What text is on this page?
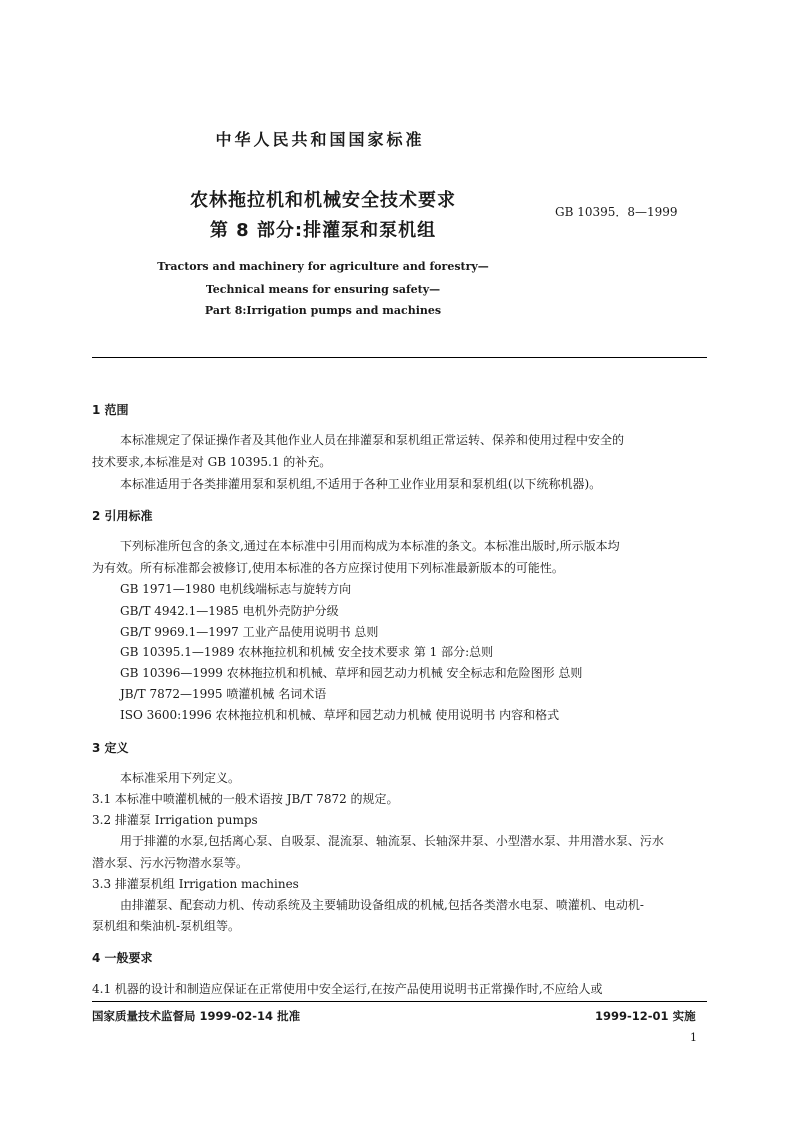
中华人民共和国国家标准
农林拖拉机和机械安全技术要求
第 8 部分:排灌泵和泵机组
GB 10395．8—1999
Tractors and machinery for agriculture and forestry—
Technical means for ensuring safety—
Part 8:Irrigation pumps and machines
1 范围
本标准规定了保证操作者及其他作业人员在排灌泵和泵机组正常运转、保养和使用过程中安全的
技术要求,本标准是对 GB 10395.1 的补充。
本标准适用于各类排灌用泵和泵机组,不适用于各种工业作业用泵和泵机组(以下统称机器)。
2 引用标准
下列标准所包含的条文,通过在本标准中引用而构成为本标准的条文。本标准出版时,所示版本均
为有效。所有标准都会被修订,使用本标准的各方应探讨使用下列标准最新版本的可能性。
GB 1971—1980 电机线端标志与旋转方向
GB/T 4942.1—1985 电机外壳防护分级
GB/T 9969.1—1997 工业产品使用说明书 总则
GB 10395.1—1989 农林拖拉机和机械 安全技术要求 第 1 部分:总则
GB 10396—1999 农林拖拉机和机械、草坪和园艺动力机械 安全标志和危险图形 总则
JB/T 7872—1995 喷灌机械 名词术语
ISO 3600:1996 农林拖拉机和机械、草坪和园艺动力机械 使用说明书 内容和格式
3 定义
本标准采用下列定义。
3.1 本标准中喷灌机械的一般术语按 JB/T 7872 的规定。
3.2 排灌泵 Irrigation pumps
用于排灌的水泵,包括离心泵、自吸泵、混流泵、轴流泵、长轴深井泵、小型潜水泵、井用潜水泵、污水
潜水泵、污水污物潜水泵等。
3.3 排灌泵机组 Irrigation machines
由排灌泵、配套动力机、传动系统及主要辅助设备组成的机械,包括各类潜水电泵、喷灌机、电动机-
泵机组和柴油机-泵机组等。
4 一般要求
4.1 机器的设计和制造应保证在正常使用中安全运行,在按产品使用说明书正常操作时,不应给人或
国家质量技术监督局 1999-02-14 批准	1999-12-01 实施
1
